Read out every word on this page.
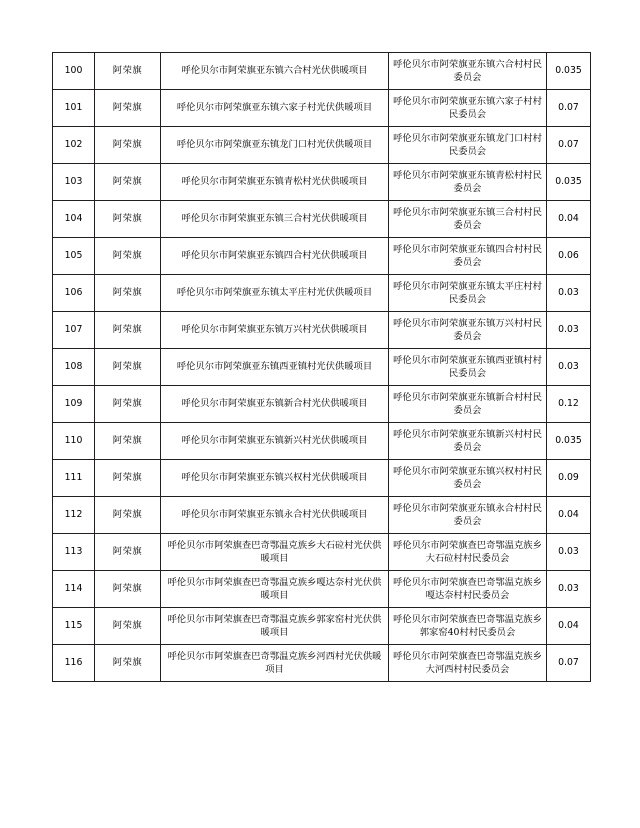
100	阿荣旗	呼伦贝尔市阿荣旗亚东镇六合村光伏供暖项目	呼伦贝尔市阿荣旗亚东镇六合村村民委员会	0.035
101	阿荣旗	呼伦贝尔市阿荣旗亚东镇六家子村光伏供暖项目	呼伦贝尔市阿荣旗亚东镇六家子村村民委员会	0.07
102	阿荣旗	呼伦贝尔市阿荣旗亚东镇龙门口村光伏供暖项目	呼伦贝尔市阿荣旗亚东镇龙门口村村民委员会	0.07
103	阿荣旗	呼伦贝尔市阿荣旗亚东镇青松村光伏供暖项目	呼伦贝尔市阿荣旗亚东镇青松村村民委员会	0.035
104	阿荣旗	呼伦贝尔市阿荣旗亚东镇三合村光伏供暖项目	呼伦贝尔市阿荣旗亚东镇三合村村民委员会	0.04
105	阿荣旗	呼伦贝尔市阿荣旗亚东镇四合村光伏供暖项目	呼伦贝尔市阿荣旗亚东镇四合村村民委员会	0.06
106	阿荣旗	呼伦贝尔市阿荣旗亚东镇太平庄村光伏供暖项目	呼伦贝尔市阿荣旗亚东镇太平庄村村民委员会	0.03
107	阿荣旗	呼伦贝尔市阿荣旗亚东镇万兴村光伏供暖项目	呼伦贝尔市阿荣旗亚东镇万兴村村民委员会	0.03
108	阿荣旗	呼伦贝尔市阿荣旗亚东镇西亚镇村光伏供暖项目	呼伦贝尔市阿荣旗亚东镇西亚镇村村民委员会	0.03
109	阿荣旗	呼伦贝尔市阿荣旗亚东镇新合村光伏供暖项目	呼伦贝尔市阿荣旗亚东镇新合村村民委员会	0.12
110	阿荣旗	呼伦贝尔市阿荣旗亚东镇新兴村光伏供暖项目	呼伦贝尔市阿荣旗亚东镇新兴村村民委员会	0.035
111	阿荣旗	呼伦贝尔市阿荣旗亚东镇兴权村光伏供暖项目	呼伦贝尔市阿荣旗亚东镇兴权村村民委员会	0.09
112	阿荣旗	呼伦贝尔市阿荣旗亚东镇永合村光伏供暖项目	呼伦贝尔市阿荣旗亚东镇永合村村民委员会	0.04
113	阿荣旗	呼伦贝尔市阿荣旗查巴奇鄂温克族乡大石砬村光伏供暖项目	呼伦贝尔市阿荣旗查巴奇鄂温克族乡大石砬村村民委员会	0.03
114	阿荣旗	呼伦贝尔市阿荣旗查巴奇鄂温克族乡嘎达奈村光伏供暖项目	呼伦贝尔市阿荣旗查巴奇鄂温克族乡嘎达奈村村民委员会	0.03
115	阿荣旗	呼伦贝尔市阿荣旗查巴奇鄂温克族乡郭家窑村光伏供暖项目	呼伦贝尔市阿荣旗查巴奇鄂温克族乡郭家窑40村村民委员会	0.04
116	阿荣旗	呼伦贝尔市阿荣旗查巴奇鄂温克族乡河西村光伏供暖项目	呼伦贝尔市阿荣旗查巴奇鄂温克族乡大河西村村民委员会	0.07
